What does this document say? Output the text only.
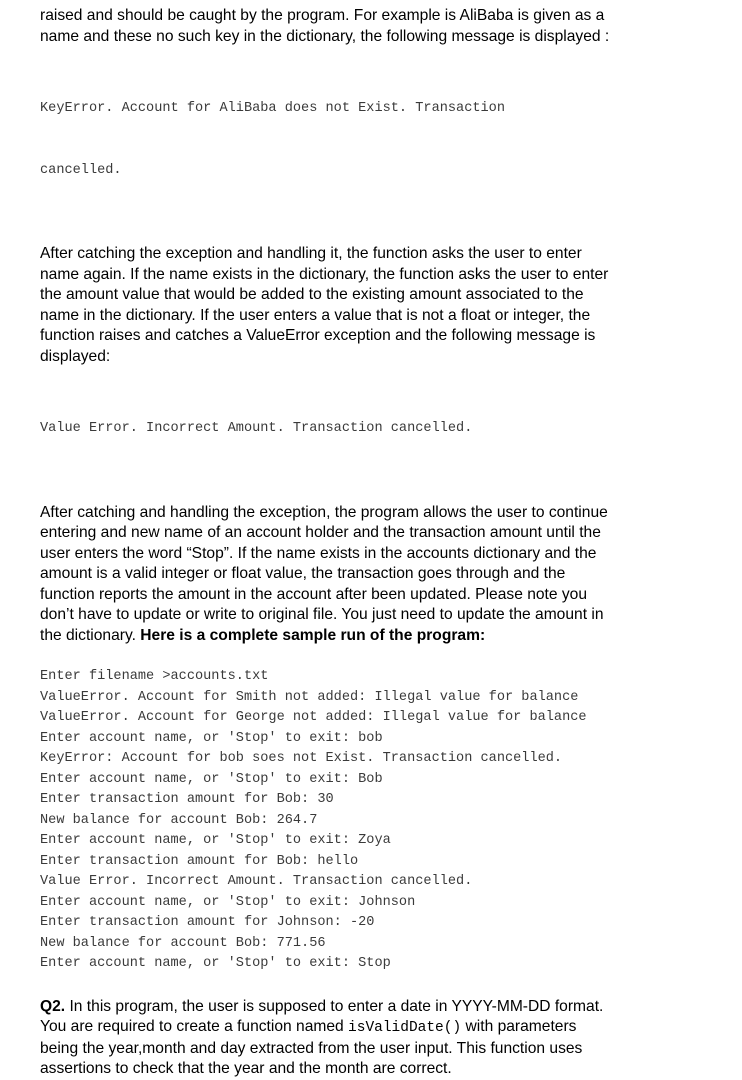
raised and should be caught by the program. For example is AliBaba is given as a
name and these no such key in the dictionary, the following message is displayed :

KeyError. Account for AliBaba does not Exist. Transaction

cancelled.

After catching the exception and handling it, the function asks the user to enter
name again. If the name exists in the dictionary, the function asks the user to enter
the amount value that would be added to the existing amount associated to the
name in the dictionary. If the user enters a value that is not a float or integer, the
function raises and catches a ValueError exception and the following message is
displayed:

Value Error. Incorrect Amount. Transaction cancelled.

After catching and handling the exception, the program allows the user to continue
entering and new name of an account holder and the transaction amount until the
user enters the word “Stop”. If the name exists in the accounts dictionary and the
amount is a valid integer or float value, the transaction goes through and the
function reports the amount in the account after been updated. Please note you
don’t have to update or write to original file. You just need to update the amount in
the dictionary. Here is a complete sample run of the program:

Enter filename >accounts.txt
ValueError. Account for Smith not added: Illegal value for balance
ValueError. Account for George not added: Illegal value for balance
Enter account name, or 'Stop' to exit: bob
KeyError: Account for bob soes not Exist. Transaction cancelled.
Enter account name, or 'Stop' to exit: Bob
Enter transaction amount for Bob: 30
New balance for account Bob: 264.7
Enter account name, or 'Stop' to exit: Zoya
Enter transaction amount for Bob: hello
Value Error. Incorrect Amount. Transaction cancelled.
Enter account name, or 'Stop' to exit: Johnson
Enter transaction amount for Johnson: -20
New balance for account Bob: 771.56
Enter account name, or 'Stop' to exit: Stop

Q2. In this program, the user is supposed to enter a date in YYYY-MM-DD format.
You are required to create a function named isValidDate() with parameters
being the year,month and day extracted from the user input. This function uses
assertions to check that the year and the month are correct.
